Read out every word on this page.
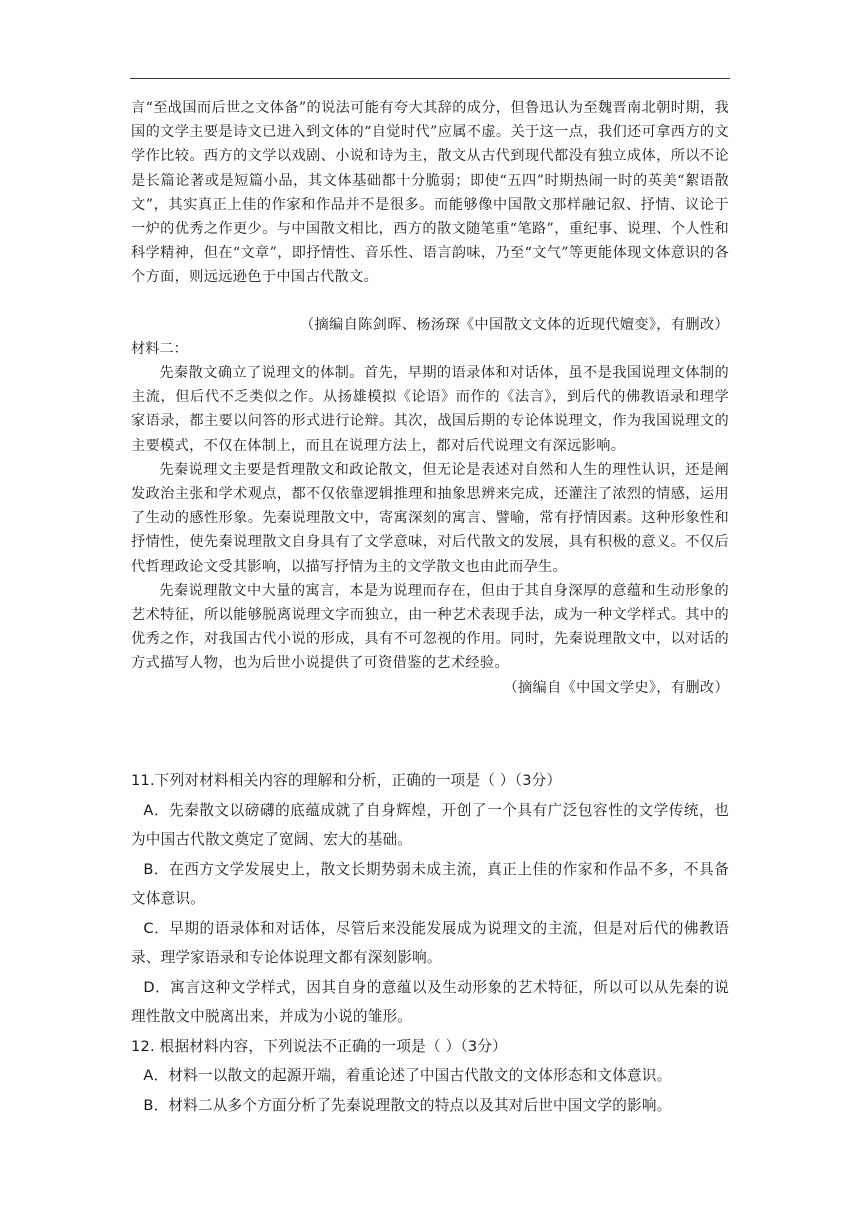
言“至战国而后世之文体备”的说法可能有夸大其辞的成分，但鲁迅认为至魏晋南北朝时期，我国的文学主要是诗文已进入到文体的“自觉时代”应属不虚。关于这一点，我们还可拿西方的文学作比较。西方的文学以戏剧、小说和诗为主，散文从古代到现代都没有独立成体，所以不论是长篇论著或是短篇小品，其文体基础都十分脆弱；即使“五四”时期热闹一时的英美“絮语散文”，其实真正上佳的作家和作品并不是很多。而能够像中国散文那样融记叙、抒情、议论于一炉的优秀之作更少。与中国散文相比，西方的散文随笔重“笔路”，重纪事、说理、个人性和科学精神，但在“文章”，即抒情性、音乐性、语言韵味，乃至“文气”等更能体现文体意识的各个方面，则远远逊色于中国古代散文。

（摘编自陈剑晖、杨汤琛《中国散文文体的近现代嬗变》，有删改）

材料二：

先秦散文确立了说理文的体制。首先，早期的语录体和对话体，虽不是我国说理文体制的主流，但后代不乏类似之作。从扬雄模拟《论语》而作的《法言》，到后代的佛教语录和理学家语录，都主要以问答的形式进行论辩。其次，战国后期的专论体说理文，作为我国说理文的主要模式，不仅在体制上，而且在说理方法上，都对后代说理文有深远影响。

先秦说理文主要是哲理散文和政论散文，但无论是表述对自然和人生的理性认识，还是阐发政治主张和学术观点，都不仅依靠逻辑推理和抽象思辨来完成，还灌注了浓烈的情感，运用了生动的感性形象。先秦说理散文中，寄寓深刻的寓言、譬喻，常有抒情因素。这种形象性和抒情性，使先秦说理散文自身具有了文学意味，对后代散文的发展，具有积极的意义。不仅后代哲理政论文受其影响，以描写抒情为主的文学散文也由此而孕生。

先秦说理散文中大量的寓言，本是为说理而存在，但由于其自身深厚的意蕴和生动形象的艺术特征，所以能够脱离说理文字而独立，由一种艺术表现手法，成为一种文学样式。其中的优秀之作，对我国古代小说的形成，具有不可忽视的作用。同时，先秦说理散文中，以对话的方式描写人物，也为后世小说提供了可资借鉴的艺术经验。

（摘编自《中国文学史》，有删改）

11.下列对材料相关内容的理解和分析，正确的一项是（ ）（3分）

A．先秦散文以磅礴的底蕴成就了自身辉煌，开创了一个具有广泛包容性的文学传统，也为中国古代散文奠定了宽阔、宏大的基础。

B．在西方文学发展史上，散文长期势弱未成主流，真正上佳的作家和作品不多，不具备文体意识。

C．早期的语录体和对话体，尽管后来没能发展成为说理文的主流，但是对后代的佛教语录、理学家语录和专论体说理文都有深刻影响。

D．寓言这种文学样式，因其自身的意蕴以及生动形象的艺术特征，所以可以从先秦的说理性散文中脱离出来，并成为小说的雏形。

12. 根据材料内容，下列说法不正确的一项是（ ）（3分）

A．材料一以散文的起源开端，着重论述了中国古代散文的文体形态和文体意识。

B．材料二从多个方面分析了先秦说理散文的特点以及其对后世中国文学的影响。
